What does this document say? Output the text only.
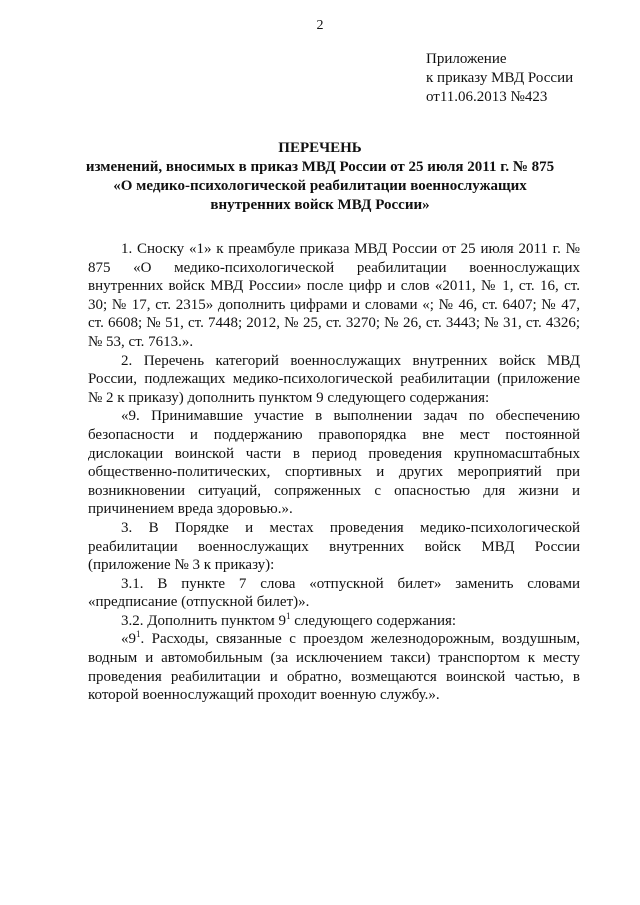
2
Приложение
к приказу МВД России
от11.06.2013 №423
ПЕРЕЧЕНЬ
изменений, вносимых в приказ МВД России от 25 июля 2011 г. № 875
«О медико-психологической реабилитации военнослужащих
внутренних войск МВД России»

1. Сноску «1» к преамбуле приказа МВД России от 25 июля 2011 г. № 875 «О медико-психологической реабилитации военнослужащих внутренних войск МВД России» после цифр и слов «2011, № 1, ст. 16, ст. 30; № 17, ст. 2315» дополнить цифрами и словами «; № 46, ст. 6407; № 47, ст. 6608; № 51, ст. 7448; 2012, № 25, ст. 3270; № 26, ст. 3443; № 31, ст. 4326; № 53, ст. 7613.».

2. Перечень категорий военнослужащих внутренних войск МВД России, подлежащих медико-психологической реабилитации (приложение № 2 к приказу) дополнить пунктом 9 следующего содержания:

«9. Принимавшие участие в выполнении задач по обеспечению безопасности и поддержанию правопорядка вне мест постоянной дислокации воинской части в период проведения крупномасштабных общественно-политических, спортивных и других мероприятий при возникновении ситуаций, сопряженных с опасностью для жизни и причинением вреда здоровью.».

3. В Порядке и местах проведения медико-психологической реабилитации военнослужащих внутренних войск МВД России (приложение № 3 к приказу):

3.1. В пункте 7 слова «отпускной билет» заменить словами «предписание (отпускной билет)».

3.2. Дополнить пунктом $9^1$ следующего содержания:

«$9^1$. Расходы, связанные с проездом железнодорожным, воздушным, водным и автомобильным (за исключением такси) транспортом к месту проведения реабилитации и обратно, возмещаются воинской частью, в которой военнослужащий проходит военную службу.».
